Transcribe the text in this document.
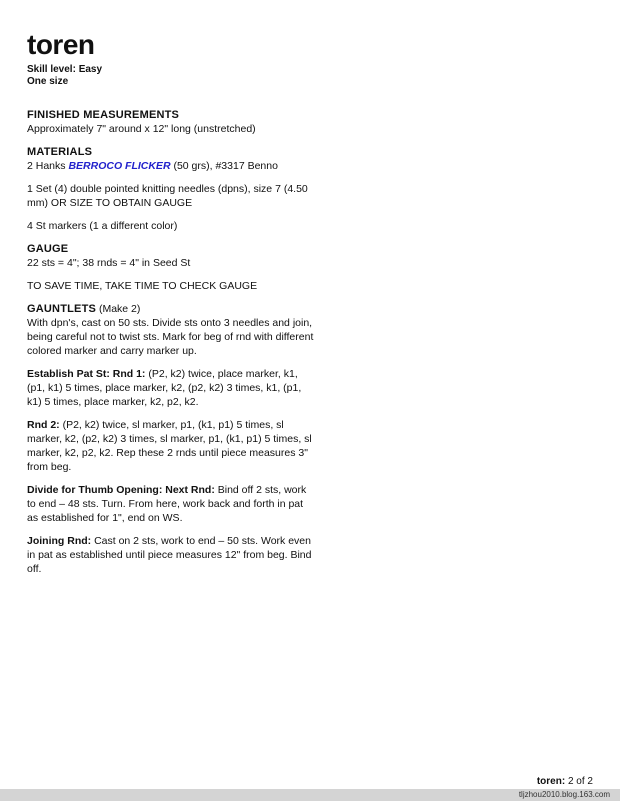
toren
Skill level: Easy
One size
FINISHED MEASUREMENTS
Approximately 7" around x 12" long (unstretched)
MATERIALS
2 Hanks BERROCO FLICKER (50 grs), #3317 Benno
1 Set (4) double pointed knitting needles (dpns), size 7 (4.50 mm) OR SIZE TO OBTAIN GAUGE
4 St markers (1 a different color)
GAUGE
22 sts = 4"; 38 rnds = 4" in Seed St
TO SAVE TIME, TAKE TIME TO CHECK GAUGE
GAUNTLETS (Make 2)
With dpn's, cast on 50 sts. Divide sts onto 3 needles and join, being careful not to twist sts. Mark for beg of rnd with different colored marker and carry marker up.
Establish Pat St: Rnd 1: (P2, k2) twice, place marker, k1, (p1, k1) 5 times, place marker, k2, (p2, k2) 3 times, k1, (p1, k1) 5 times, place marker, k2, p2, k2.
Rnd 2: (P2, k2) twice, sl marker, p1, (k1, p1) 5 times, sl marker, k2, (p2, k2) 3 times, sl marker, p1, (k1, p1) 5 times, sl marker, k2, p2, k2. Rep these 2 rnds until piece measures 3" from beg.
Divide for Thumb Opening: Next Rnd: Bind off 2 sts, work to end – 48 sts. Turn. From here, work back and forth in pat as established for 1", end on WS.
Joining Rnd: Cast on 2 sts, work to end – 50 sts. Work even in pat as established until piece measures 12" from beg. Bind off.
toren: 2 of 2
tljzhou2010.blog.163.com
